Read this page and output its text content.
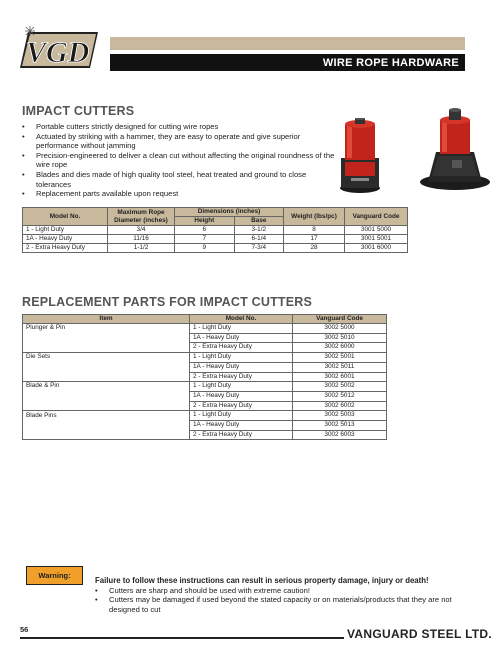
VGD	WIRE ROPE HARDWARE
IMPACT CUTTERS
• Portable cutters strictly designed for cutting wire ropes
• Actuated by striking with a hammer, they are easy to operate and give superior performance without jamming
• Precision-engineered to deliver a clean cut without affecting the original roundness of the wire rope
• Blades and dies made of high quality tool steel, heat treated and ground to close tolerances
• Replacement parts available upon request
Model No.	Maximum Rope Diameter (inches)	Dimensions (inches)		Weight (lbs/pc)	Vanguard Code
		Height	Base		
1 - Light Duty	3/4	6	3-1/2	8	3001 5000
1A - Heavy Duty	11/16	7	6-1/4	17	3001 5001
2 - Extra Heavy Duty	1-1/2	9	7-3/4	28	3001 6000
REPLACEMENT PARTS FOR IMPACT CUTTERS
Item	Model No.	Vanguard Code
Plunger & Pin	1 - Light Duty	3002 5000
	1A - Heavy Duty	3002 5010
	2 - Extra Heavy Duty	3002 6000
Die Sets	1 - Light Duty	3002 5001
	1A - Heavy Duty	3002 5011
	2 - Extra Heavy Duty	3002 6001
Blade & Pin	1 - Light Duty	3002 5002
	1A - Heavy Duty	3002 5012
	2 - Extra Heavy Duty	3002 6002
Blade Pins	1 - Light Duty	3002 5003
	1A - Heavy Duty	3002 5013
	2 - Extra Heavy Duty	3002 6003
Warning:
Failure to follow these instructions can result in serious property damage, injury or death!
• Cutters are sharp and should be used with extreme caution!
• Cutters may be damaged if used beyond the stated capacity or on materials/products that they are not designed to cut
56	VANGUARD STEEL LTD.
